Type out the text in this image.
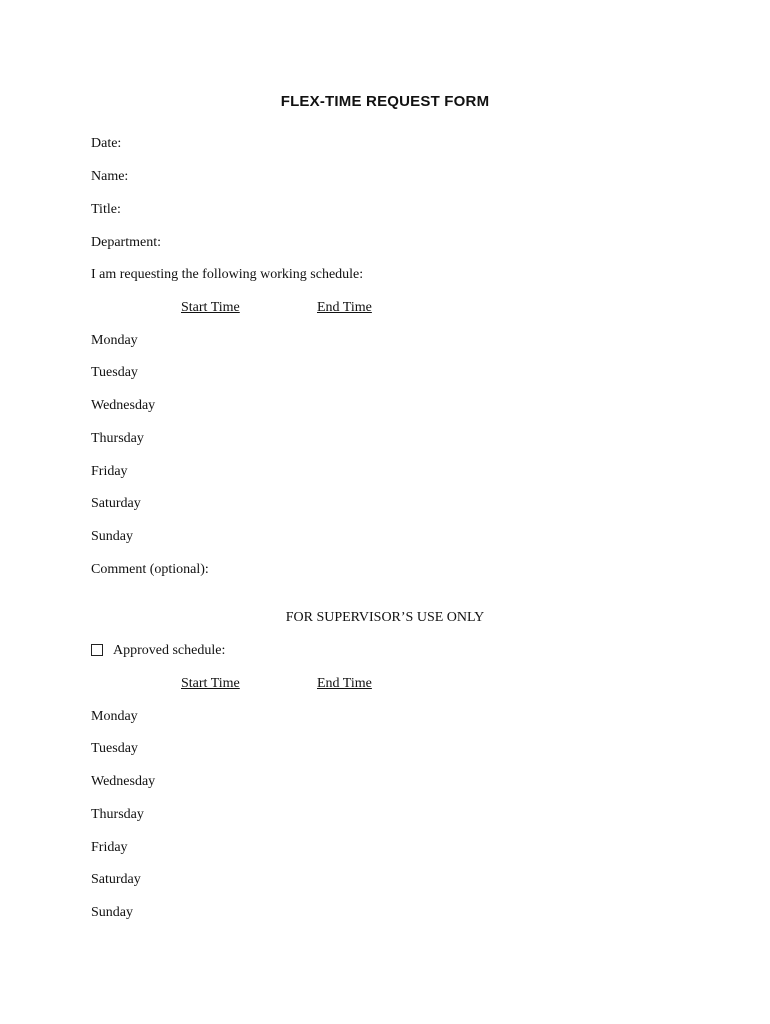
FLEX-TIME REQUEST FORM
Date:
Name:
Title:
Department:
I am requesting the following working schedule:
Start Time	End Time
Monday
Tuesday
Wednesday
Thursday
Friday
Saturday
Sunday
Comment (optional):
FOR SUPERVISOR’S USE ONLY
Approved schedule:
Start Time	End Time
Monday
Tuesday
Wednesday
Thursday
Friday
Saturday
Sunday
